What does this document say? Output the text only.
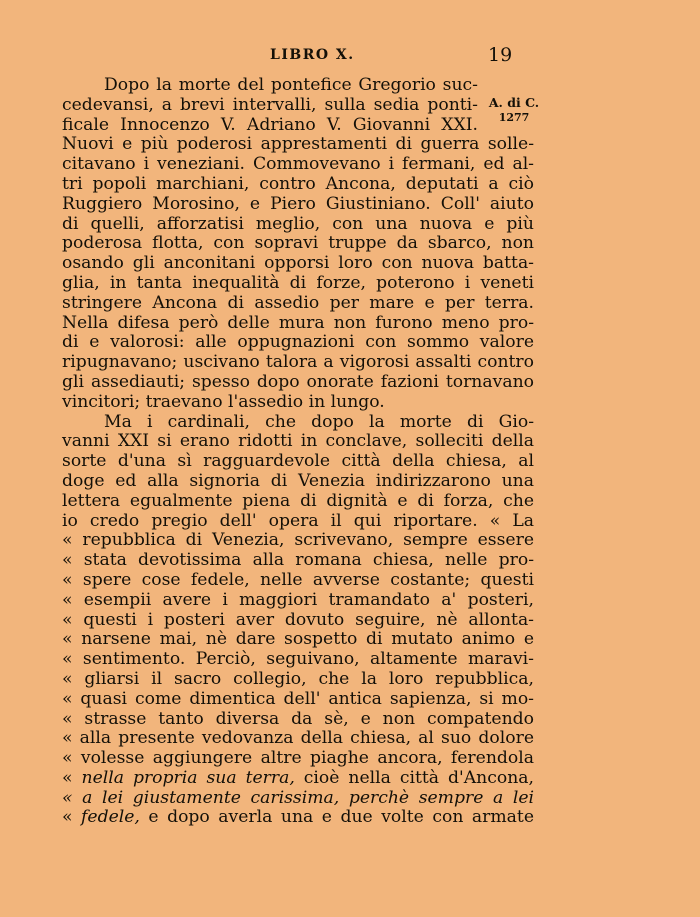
LIBRO X.	19
A. di C.
1277
Dopo la morte del pontefice Gregorio suc-
cedevansi, a brevi intervalli, sulla sedia ponti-
ficale Innocenzo V. Adriano V. Giovanni XXI.
Nuovi e più poderosi apprestamenti di guerra solle-
citavano i veneziani. Commovevano i fermani, ed al-
tri popoli marchiani, contro Ancona, deputati a ciò
Ruggiero Morosino, e Piero Giustiniano. Coll' aiuto
di quelli, afforzatisi meglio, con una nuova e più
poderosa flotta, con sopravi truppe da sbarco, non
osando gli anconitani opporsi loro con nuova batta-
glia, in tanta inequalità di forze, poterono i veneti
stringere Ancona di assedio per mare e per terra.
Nella difesa però delle mura non furono meno pro-
di e valorosi: alle oppugnazioni con sommo valore
ripugnavano; uscivano talora a vigorosi assalti contro
gli assediauti; spesso dopo onorate fazioni tornavano
vincitori; traevano l'assedio in lungo.
Ma i cardinali, che dopo la morte di Gio-
vanni XXI si erano ridotti in conclave, solleciti della
sorte d'una sì ragguardevole città della chiesa, al
doge ed alla signoria di Venezia indirizzarono una
lettera egualmente piena di dignità e di forza, che
io credo pregio dell' opera il qui riportare. « La
« repubblica di Venezia, scrivevano, sempre essere
« stata devotissima alla romana chiesa, nelle pro-
« spere cose fedele, nelle avverse costante; questi
« esempii avere i maggiori tramandato a' posteri,
« questi i posteri aver dovuto seguire, nè allonta-
« narsene mai, nè dare sospetto di mutato animo e
« sentimento. Perciò, seguivano, altamente maravi-
« gliarsi il sacro collegio, che la loro repubblica,
« quasi come dimentica dell' antica sapienza, si mo-
« strasse tanto diversa da sè, e non compatendo
« alla presente vedovanza della chiesa, al suo dolore
« volesse aggiungere altre piaghe ancora, ferendola
« nella propria sua terra, cioè nella città d'Ancona,
« a lei giustamente carissima, perchè sempre a lei
« fedele, e dopo averla una e due volte con armate
